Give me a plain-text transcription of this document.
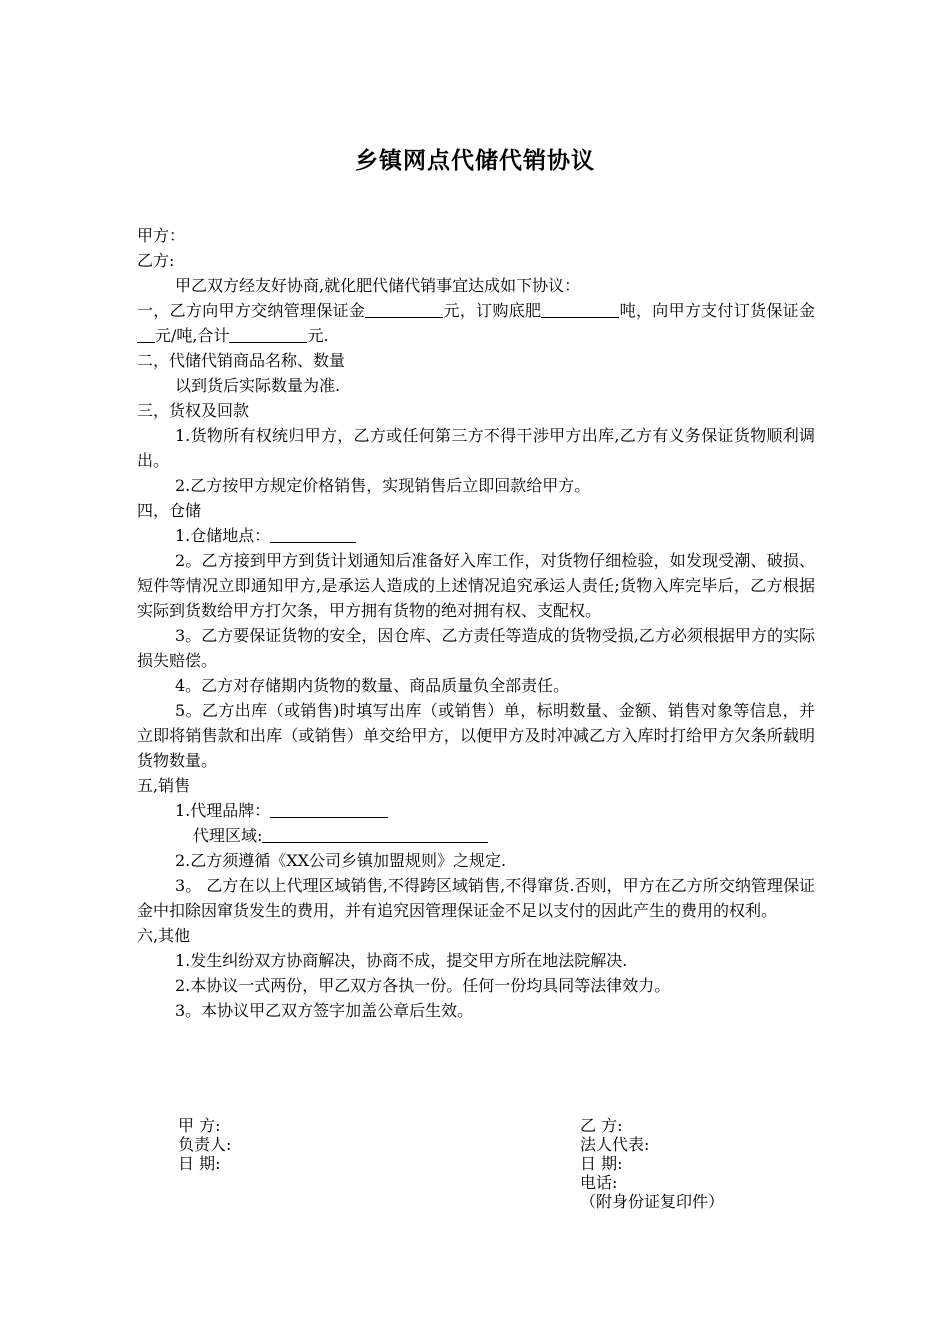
乡镇网点代储代销协议

甲方：

乙方:

甲乙双方经友好协商,就化肥代储代销事宜达成如下协议：

一，乙方向甲方交纳管理保证金	元，订购底肥	吨，向甲方支付订货保证金元/吨,合计	元.

二，代储代销商品名称、数量

以到货后实际数量为准.

三，货权及回款

1.货物所有权统归甲方，乙方或任何第三方不得干涉甲方出库,乙方有义务保证货物顺利调出。

2.乙方按甲方规定价格销售，实现销售后立即回款给甲方。

四，仓储

1.仓储地点：

2。乙方接到甲方到货计划通知后准备好入库工作，对货物仔细检验，如发现受潮、破损、短件等情况立即通知甲方,是承运人造成的上述情况追究承运人责任;货物入库完毕后，乙方根据实际到货数给甲方打欠条，甲方拥有货物的绝对拥有权、支配权。

3。乙方要保证货物的安全，因仓库、乙方责任等造成的货物受损,乙方必须根据甲方的实际损失赔偿。

4。乙方对存储期内货物的数量、商品质量负全部责任。

5。乙方出库（或销售)时填写出库（或销售）单，标明数量、金额、销售对象等信息，并立即将销售款和出库（或销售）单交给甲方，以便甲方及时冲减乙方入库时打给甲方欠条所载明货物数量。

五,销售

1.代理品牌：

代理区域:

2.乙方须遵循《XX公司乡镇加盟规则》之规定.

3。 乙方在以上代理区域销售,不得跨区域销售,不得窜货.否则，甲方在乙方所交纳管理保证金中扣除因窜货发生的费用，并有追究因管理保证金不足以支付的因此产生的费用的权利。

六,其他

1.发生纠纷双方协商解决，协商不成，提交甲方所在地法院解决.

2.本协议一式两份，甲乙双方各执一份。任何一份均具同等法律效力。

3。本协议甲乙双方签字加盖公章后生效。

甲 方:
负责人:
日 期:
乙 方:
法人代表:
日 期:
电话:
（附身份证复印件）
